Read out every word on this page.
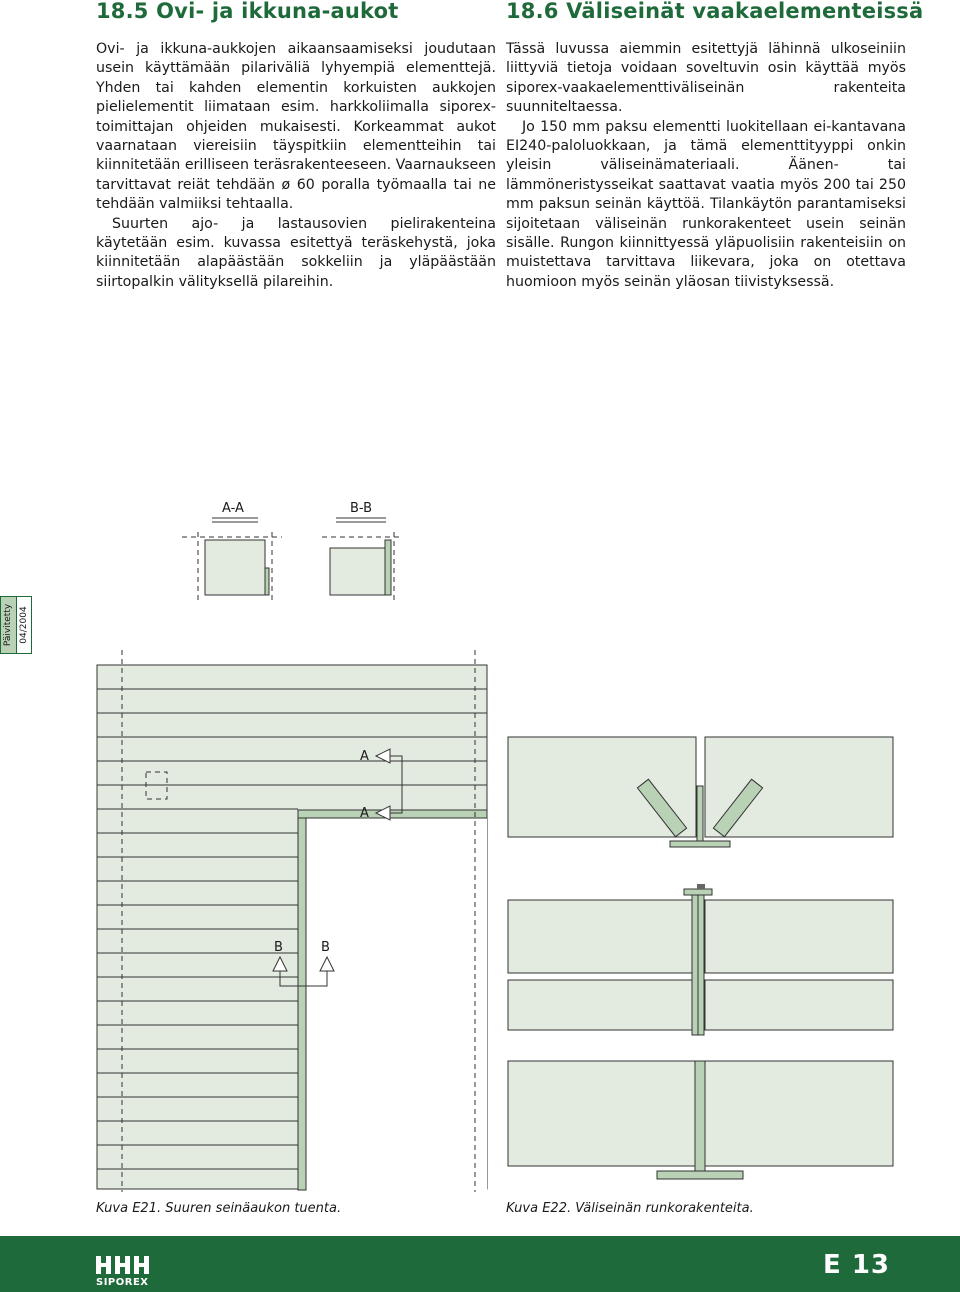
18.5 Ovi- ja ikkuna-aukot

Ovi- ja ikkuna-aukkojen aikaansaamiseksi joudutaan usein käyttämään pilariväliä lyhyempiä elementtejä. Yhden tai kahden elementin korkuisten aukkojen pielielementit liimataan esim. harkkoliimalla siporex-toimittajan ohjeiden mukaisesti. Korkeammat aukot vaarnataan viereisiin täyspitkiin elementteihin tai kiinnitetään erilliseen teräsrakenteeseen. Vaarnaukseen tarvittavat reiät tehdään ø 60 poralla työmaalla tai ne tehdään valmiiksi tehtaalla.

Suurten ajo- ja lastausovien pielirakenteina käytetään esim. kuvassa esitettyä teräskehystä, joka kiinnitetään alapäästään sokkeliin ja yläpäästään siirtopalkin välityksellä pilareihin.

18.6 Väliseinät vaakaelementeissä

Tässä luvussa aiemmin esitettyjä lähinnä ulkoseiniin liittyviä tietoja voidaan soveltuvin osin käyttää myös siporex-vaakaelementtiväliseinän rakenteita suunniteltaessa.

Jo 150 mm paksu elementti luokitellaan ei-kantavana EI240-paloluokkaan, ja tämä elementtityyppi onkin yleisin väliseinämateriaali. Äänen- tai lämmöneristysseikat saattavat vaatia myös 200 tai 250 mm paksun seinän käyttöä. Tilankäytön parantamiseksi sijoitetaan väliseinän runkorakenteet usein seinän sisälle. Rungon kiinnittyessä yläpuolisiin rakenteisiin on muistettava tarvittava liikevara, joka on otettava huomioon myös seinän yläosan tiivistyksessä.

Päivitetty 04/2004
A-A	B-B
A
A
B	B
Kuva E21. Suuren seinäaukon tuenta.	Kuva E22. Väliseinän runkorakenteita.
SIPOREX
E 13
